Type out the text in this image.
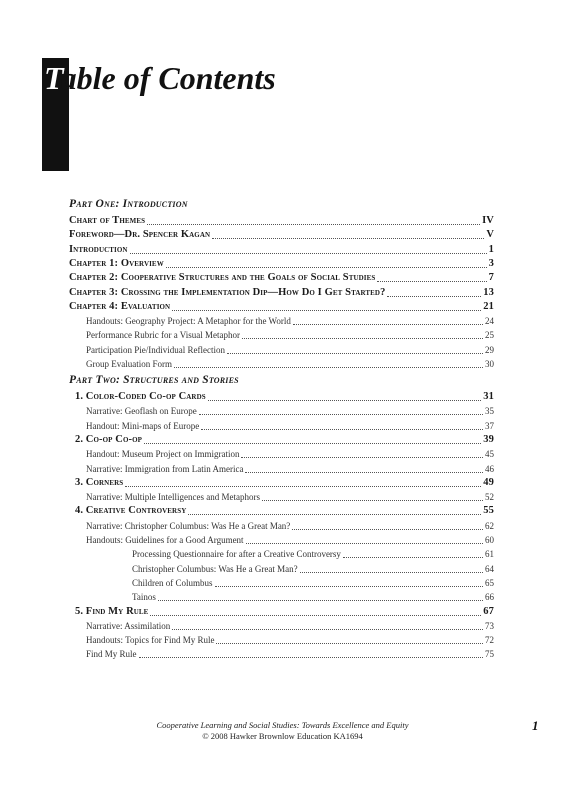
Table of Contents
Part One: Introduction
Chart of Themes	IV
Foreword—Dr. Spencer Kagan	V
Introduction	1
Chapter 1: Overview	3
Chapter 2: Cooperative Structures and the Goals of Social Studies	7
Chapter 3: Crossing the Implementation Dip—How Do I Get Started?	13
Chapter 4: Evaluation	21
Handouts: Geography Project: A Metaphor for the World	24
Performance Rubric for a Visual Metaphor	25
Participation Pie/Individual Reflection	29
Group Evaluation Form	30
Part Two: Structures and Stories
1. Color-Coded Co-op Cards	31
Narrative: Geoflash on Europe	35
Handout: Mini-maps of Europe	37
2. Co-op Co-op	39
Handout: Museum Project on Immigration	45
Narrative: Immigration from Latin America	46
3. Corners	49
Narrative: Multiple Intelligences and Metaphors	52
4. Creative Controversy	55
Narrative: Christopher Columbus: Was He a Great Man?	62
Handouts: Guidelines for a Good Argument	60
Processing Questionnaire for after a Creative Controversy	61
Christopher Columbus: Was He a Great Man?	64
Children of Columbus	65
Tainos	66
5. Find My Rule	67
Narrative: Assimilation	73
Handouts: Topics for Find My Rule	72
Find My Rule	75
Cooperative Learning and Social Studies: Towards Excellence and Equity
© 2008 Hawker Brownlow Education KA1694
1
